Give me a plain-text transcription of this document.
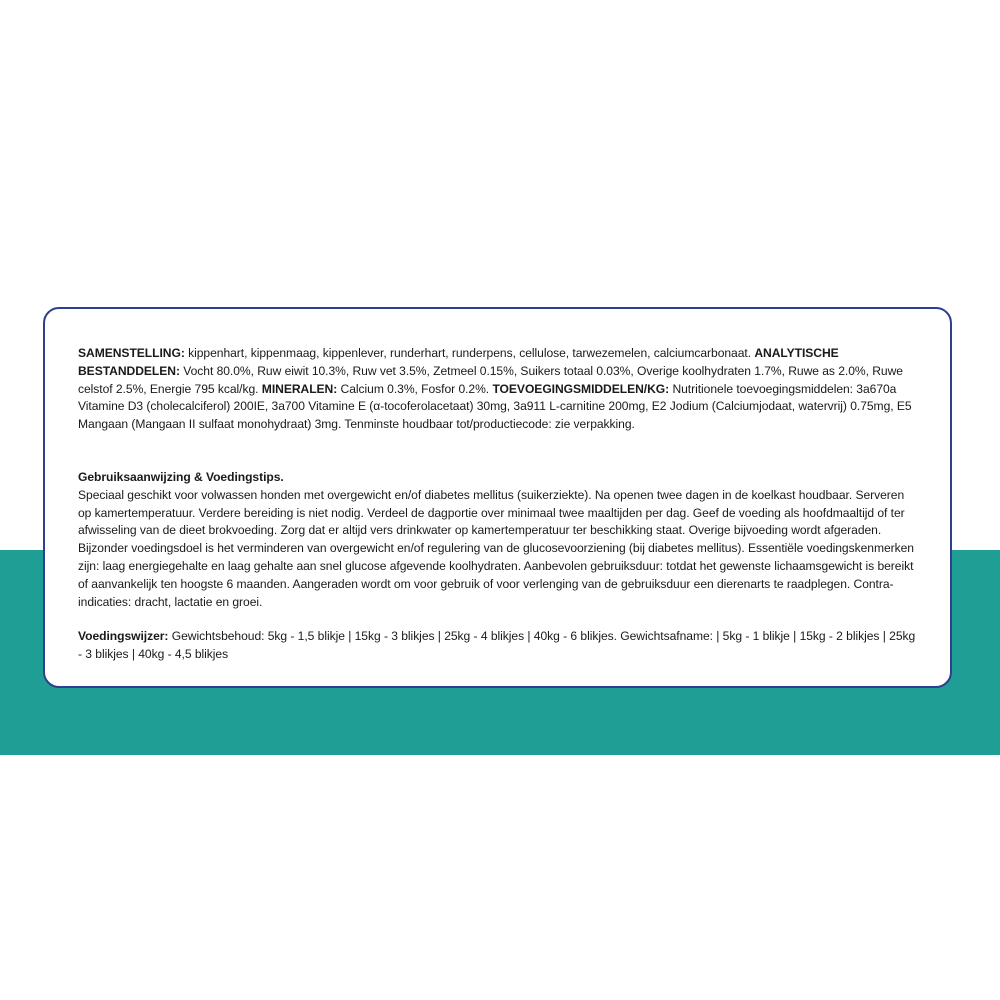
SAMENSTELLING: kippenhart, kippenmaag, kippenlever, runderhart, runderpens, cellulose, tarwezemelen, calciumcarbonaat. ANALYTISCHE BESTANDDELEN: Vocht 80.0%, Ruw eiwit 10.3%, Ruw vet 3.5%, Zetmeel 0.15%, Suikers totaal 0.03%, Overige koolhydraten 1.7%, Ruwe as 2.0%, Ruwe celstof 2.5%, Energie 795 kcal/kg. MINERALEN: Calcium 0.3%, Fosfor 0.2%. TOEVOEGINGSMIDDELEN/KG: Nutritionele toevoegingsmiddelen: 3a670a Vitamine D3 (cholecalciferol) 200IE, 3a700 Vitamine E (α-tocoferolacetaat) 30mg, 3a911 L-carnitine 200mg, E2 Jodium (Calciumjodaat, watervrij) 0.75mg, E5 Mangaan (Mangaan II sulfaat monohydraat) 3mg. Tenminste houdbaar tot/productiecode: zie verpakking.

Gebruiksaanwijzing & Voedingstips.

Speciaal geschikt voor volwassen honden met overgewicht en/of diabetes mellitus (suikerziekte). Na openen twee dagen in de koelkast houdbaar. Serveren op kamertemperatuur. Verdere bereiding is niet nodig. Verdeel de dagportie over minimaal twee maaltijden per dag. Geef de voeding als hoofdmaaltijd of ter afwisseling van de dieet brokvoeding. Zorg dat er altijd vers drinkwater op kamertemperatuur ter beschikking staat. Overige bijvoeding wordt afgeraden. Bijzonder voedingsdoel is het verminderen van overgewicht en/of regulering van de glucosevoorziening (bij diabetes mellitus). Essentiële voedingskenmerken zijn: laag energiegehalte en laag gehalte aan snel glucose afgevende koolhydraten. Aanbevolen gebruiksduur: totdat het gewenste lichaamsgewicht is bereikt of aanvankelijk ten hoogste 6 maanden. Aangeraden wordt om voor gebruik of voor verlenging van de gebruiksduur een dierenarts te raadplegen. Contra-indicaties: dracht, lactatie en groei.

Voedingswijzer: Gewichtsbehoud: 5kg - 1,5 blikje | 15kg - 3 blikjes | 25kg - 4 blikjes | 40kg - 6 blikjes. Gewichtsafname: | 5kg - 1 blikje | 15kg - 2 blikjes | 25kg - 3 blikjes | 40kg - 4,5 blikjes
